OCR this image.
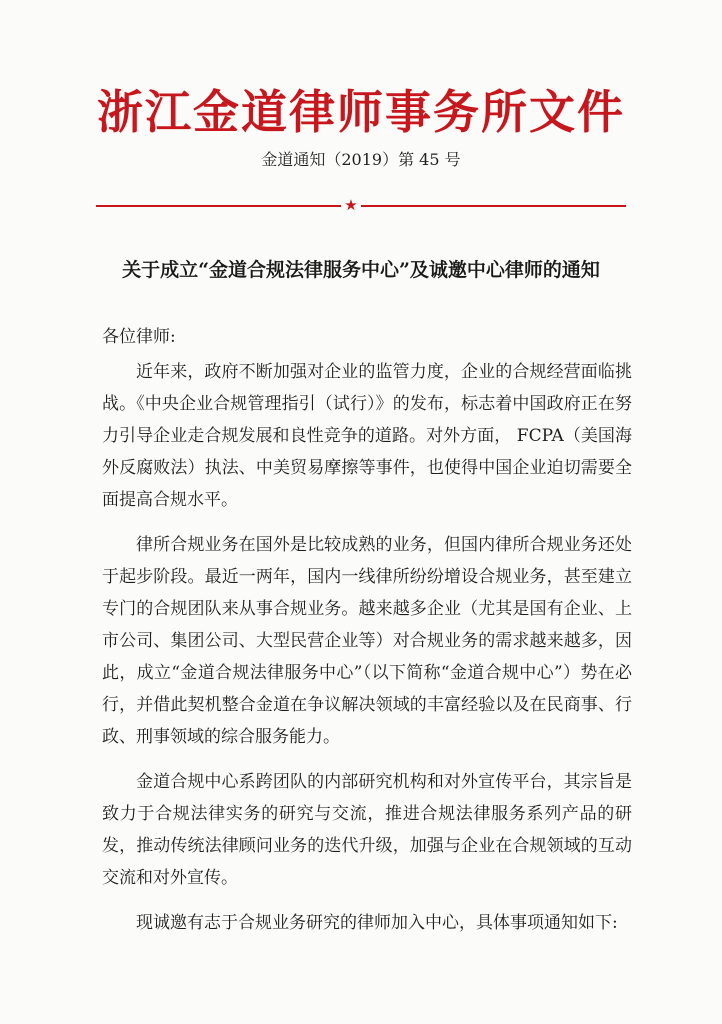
浙江金道律师事务所文件
金道通知（2019）第 45 号
★
关于成立“金道合规法律服务中心”及诚邀中心律师的通知
各位律师:

近年来，政府不断加强对企业的监管力度，企业的合规经营面临挑战。《中央企业合规管理指引（试行）》的发布，标志着中国政府正在努力引导企业走合规发展和良性竞争的道路。对外方面， FCPA（美国海外反腐败法）执法、中美贸易摩擦等事件，也使得中国企业迫切需要全面提高合规水平。

律所合规业务在国外是比较成熟的业务，但国内律所合规业务还处于起步阶段。最近一两年，国内一线律所纷纷增设合规业务，甚至建立专门的合规团队来从事合规业务。越来越多企业（尤其是国有企业、上市公司、集团公司、大型民营企业等）对合规业务的需求越来越多，因此，成立“金道合规法律服务中心”（以下简称“金道合规中心”）势在必行，并借此契机整合金道在争议解决领域的丰富经验以及在民商事、行政、刑事领域的综合服务能力。

金道合规中心系跨团队的内部研究机构和对外宣传平台，其宗旨是致力于合规法律实务的研究与交流，推进合规法律服务系列产品的研发，推动传统法律顾问业务的迭代升级，加强与企业在合规领域的互动交流和对外宣传。

现诚邀有志于合规业务研究的律师加入中心，具体事项通知如下:
